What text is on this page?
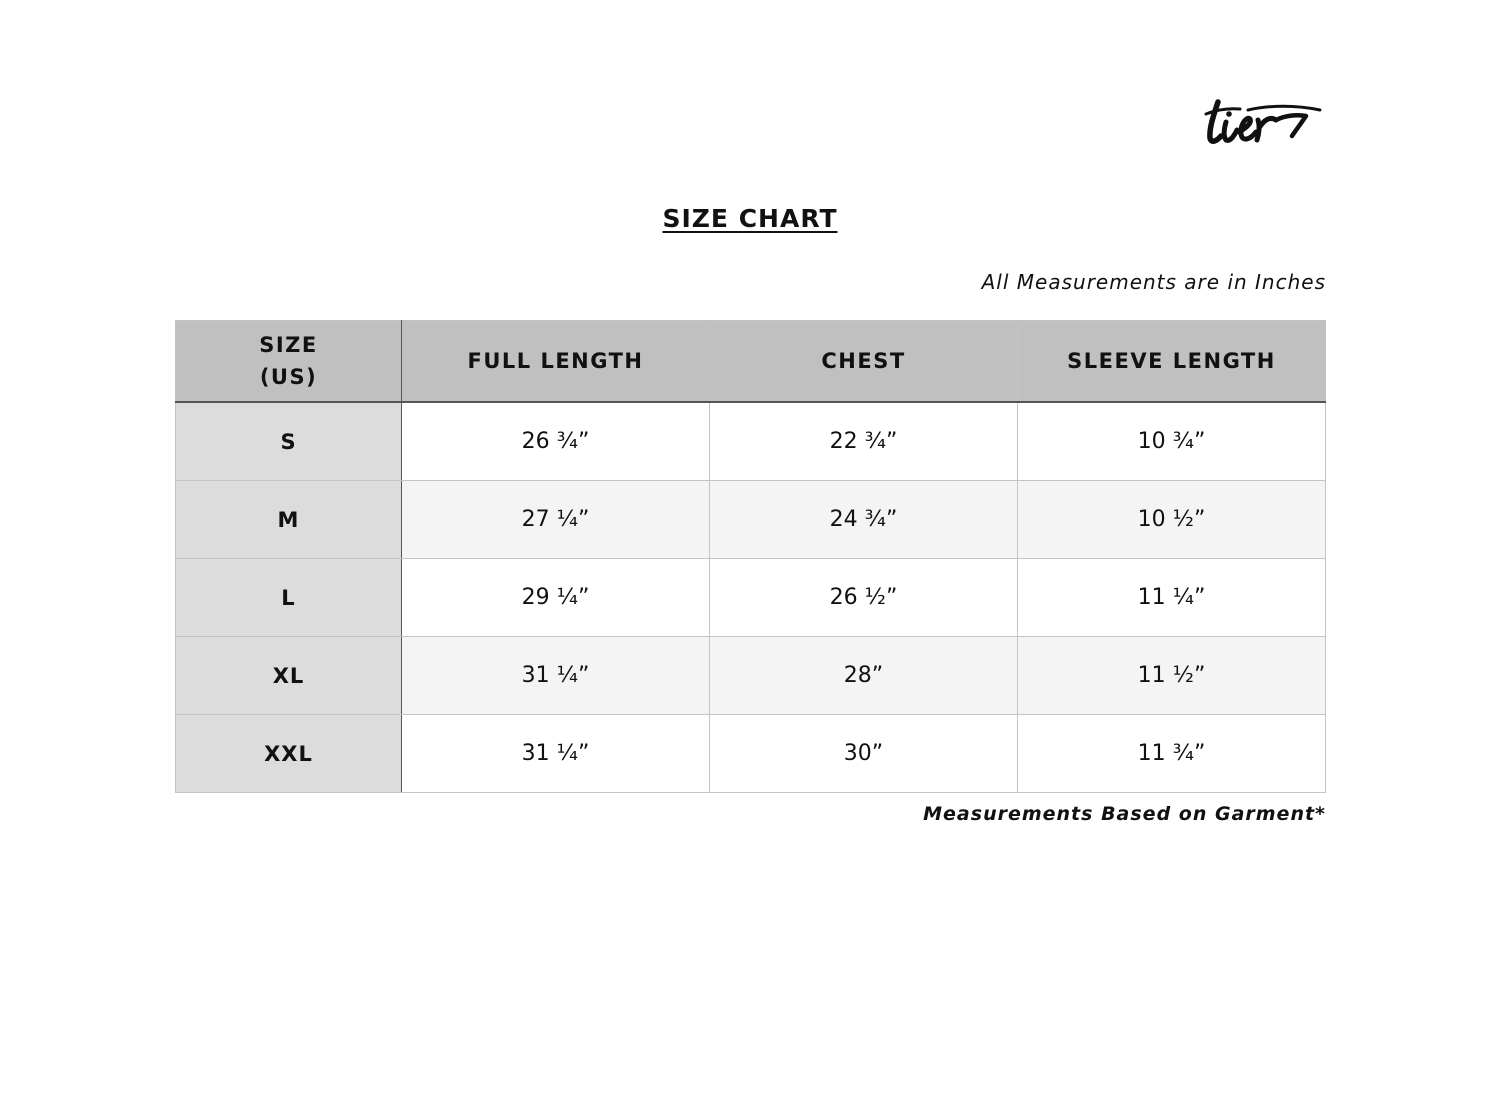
SIZE CHART
All Measurements are in Inches
SIZE
(US)	FULL LENGTH	CHEST	SLEEVE LENGTH
S	26 ¾”	22 ¾”	10 ¾”
M	27 ¼”	24 ¾”	10 ½”
L	29 ¼”	26 ½”	11 ¼”
XL	31 ¼”	28”	11 ½”
XXL	31 ¼”	30”	11 ¾”
Measurements Based on Garment*
